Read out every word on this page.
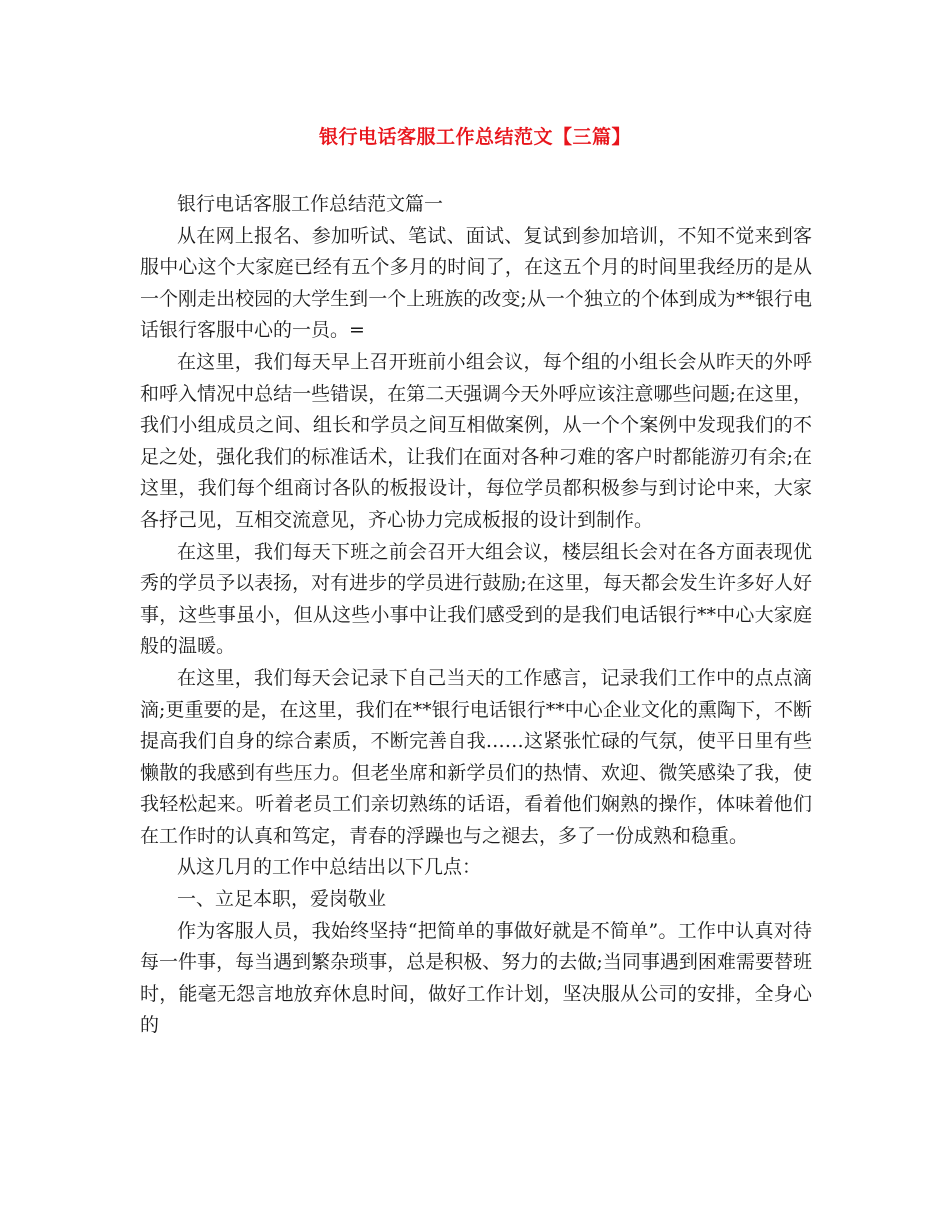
银行电话客服工作总结范文【三篇】

银行电话客服工作总结范文篇一

从在网上报名、参加听试、笔试、面试、复试到参加培训，不知不觉来到客服中心这个大家庭已经有五个多月的时间了，在这五个月的时间里我经历的是从一个刚走出校园的大学生到一个上班族的改变;从一个独立的个体到成为**银行电话银行客服中心的一员。=

在这里，我们每天早上召开班前小组会议，每个组的小组长会从昨天的外呼和呼入情况中总结一些错误，在第二天强调今天外呼应该注意哪些问题;在这里，我们小组成员之间、组长和学员之间互相做案例，从一个个案例中发现我们的不足之处，强化我们的标准话术，让我们在面对各种刁难的客户时都能游刃有余;在这里，我们每个组商讨各队的板报设计，每位学员都积极参与到讨论中来，大家各抒己见，互相交流意见，齐心协力完成板报的设计到制作。

在这里，我们每天下班之前会召开大组会议，楼层组长会对在各方面表现优秀的学员予以表扬，对有进步的学员进行鼓励;在这里，每天都会发生许多好人好事，这些事虽小，但从这些小事中让我们感受到的是我们电话银行**中心大家庭般的温暖。

在这里，我们每天会记录下自己当天的工作感言，记录我们工作中的点点滴滴;更重要的是，在这里，我们在**银行电话银行**中心企业文化的熏陶下，不断提高我们自身的综合素质，不断完善自我……这紧张忙碌的气氛，使平日里有些懒散的我感到有些压力。但老坐席和新学员们的热情、欢迎、微笑感染了我，使我轻松起来。听着老员工们亲切熟练的话语，看着他们娴熟的操作，体味着他们在工作时的认真和笃定，青春的浮躁也与之褪去，多了一份成熟和稳重。

从这几月的工作中总结出以下几点：

一、立足本职，爱岗敬业

作为客服人员，我始终坚持“把简单的事做好就是不简单”。工作中认真对待每一件事，每当遇到繁杂琐事，总是积极、努力的去做;当同事遇到困难需要替班时，能毫无怨言地放弃休息时间，做好工作计划，坚决服从公司的安排，全身心的
